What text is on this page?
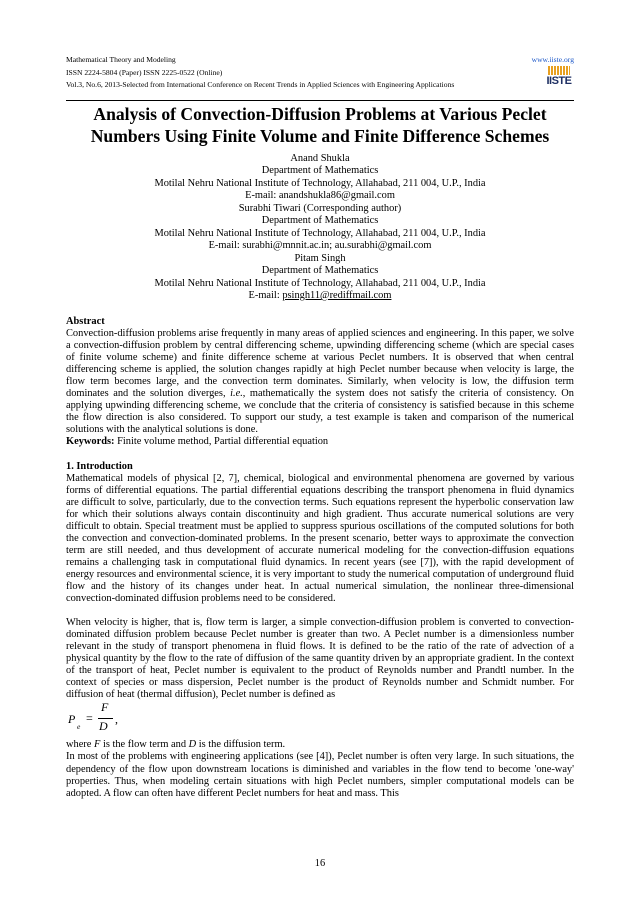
Mathematical Theory and Modeling	www.iiste.org
ISSN 2224-5804 (Paper) ISSN 2225-0522 (Online)
Vol.3, No.6, 2013-Selected from International Conference on Recent Trends in Applied Sciences with Engineering Applications	IISTE
Analysis of Convection-Diffusion Problems at Various Peclet Numbers Using Finite Volume and Finite Difference Schemes
Anand Shukla
Department of Mathematics
Motilal Nehru National Institute of Technology, Allahabad, 211 004, U.P., India
E-mail: anandshukla86@gmail.com
Surabhi Tiwari (Corresponding author)
Department of Mathematics
Motilal Nehru National Institute of Technology, Allahabad, 211 004, U.P., India
E-mail: surabhi@mnnit.ac.in; au.surabhi@gmail.com
Pitam Singh
Department of Mathematics
Motilal Nehru National Institute of Technology, Allahabad, 211 004, U.P., India
E-mail: psingh11@rediffmail.com
Abstract

Convection-diffusion problems arise frequently in many areas of applied sciences and engineering. In this paper, we solve a convection-diffusion problem by central differencing scheme, upwinding differencing scheme (which are special cases of finite volume scheme) and finite difference scheme at various Peclet numbers. It is observed that when central differencing scheme is applied, the solution changes rapidly at high Peclet number because when velocity is large, the flow term becomes large, and the convection term dominates. Similarly, when velocity is low, the diffusion term dominates and the solution diverges, i.e., mathematically the system does not satisfy the criteria of consistency. On applying upwinding differencing scheme, we conclude that the criteria of consistency is satisfied because in this scheme the flow direction is also considered. To support our study, a test example is taken and comparison of the numerical solutions with the analytical solutions is done.

Keywords: Finite volume method, Partial differential equation

1. Introduction

Mathematical models of physical [2, 7], chemical, biological and environmental phenomena are governed by various forms of differential equations. The partial differential equations describing the transport phenomena in fluid dynamics are difficult to solve, particularly, due to the convection terms. Such equations represent the hyperbolic conservation law for which their solutions always contain discontinuity and high gradient. Thus accurate numerical solutions are very difficult to obtain. Special treatment must be applied to suppress spurious oscillations of the computed solutions for both the convection and convection-dominated problems. In the present scenario, better ways to approximate the convection term are still needed, and thus development of accurate numerical modeling for the convection-diffusion equations remains a challenging task in computational fluid dynamics. In recent years (see [7]), with the rapid development of energy resources and environmental science, it is very important to study the numerical computation of underground fluid flow and the history of its changes under heat. In actual numerical simulation, the nonlinear three-dimensional convection-dominated diffusion problems need to be considered.

When velocity is higher, that is, flow term is larger, a simple convection-diffusion problem is converted to convection-dominated diffusion problem because Peclet number is greater than two. A Peclet number is a dimensionless number relevant in the study of transport phenomena in fluid flows. It is defined to be the ratio of the rate of advection of a physical quantity by the flow to the rate of diffusion of the same quantity driven by an appropriate gradient. In the context of the transport of heat, Peclet number is equivalent to the product of Reynolds number and Prandtl number. In the context of species or mass dispersion, Peclet number is the product of Reynolds number and Schmidt number. For diffusion of heat (thermal diffusion), Peclet number is defined as

P
e
=
F
D ,

where F is the flow term and D is the diffusion term.

In most of the problems with engineering applications (see [4]), Peclet number is often very large. In such situations, the dependency of the flow upon downstream locations is diminished and variables in the flow tend to become 'one-way' properties. Thus, when modeling certain situations with high Peclet numbers, simpler computational models can be adopted. A flow can often have different Peclet numbers for heat and mass. This

16
